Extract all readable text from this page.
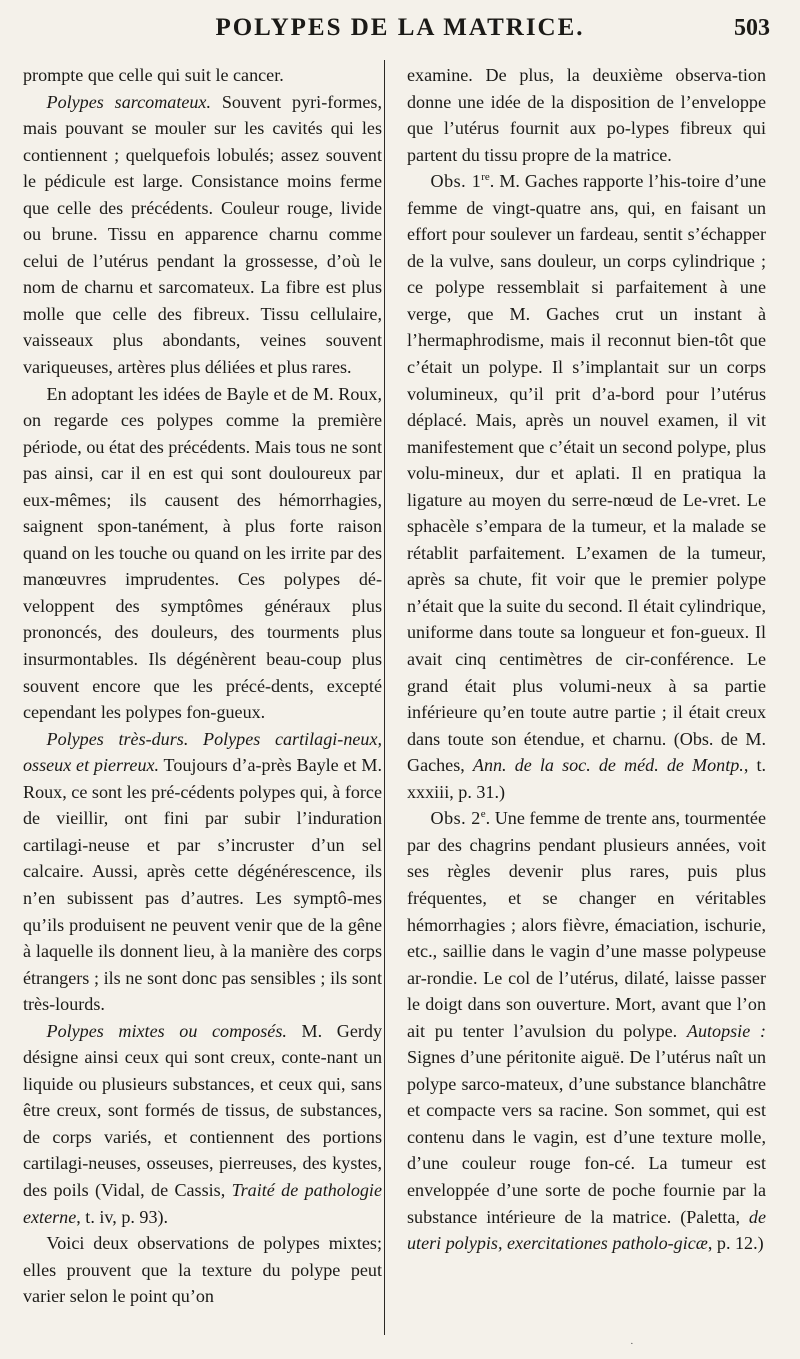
POLYPES DE LA MATRICE.	503

prompte que celle qui suit le cancer.

Polypes sarcomateux. Souvent pyri-formes, mais pouvant se mouler sur les cavités qui les contiennent ; quelquefois lobulés; assez souvent le pédicule est large. Consistance moins ferme que celle des précédents. Couleur rouge, livide ou brune. Tissu en apparence charnu comme celui de l’utérus pendant la grossesse, d’où le nom de charnu et sarcomateux. La fibre est plus molle que celle des fibreux. Tissu cellulaire, vaisseaux plus abondants, veines souvent variqueuses, artères plus déliées et plus rares.

En adoptant les idées de Bayle et de M. Roux, on regarde ces polypes comme la première période, ou état des précédents. Mais tous ne sont pas ainsi, car il en est qui sont douloureux par eux-mêmes; ils causent des hémorrhagies, saignent spon-tanément, à plus forte raison quand on les touche ou quand on les irrite par des manœuvres imprudentes. Ces polypes dé-veloppent des symptômes généraux plus prononcés, des douleurs, des tourments plus insurmontables. Ils dégénèrent beau-coup plus souvent encore que les précé-dents, excepté cependant les polypes fon-gueux.

Polypes très-durs. Polypes cartilagi-neux, osseux et pierreux. Toujours d’a-près Bayle et M. Roux, ce sont les pré-cédents polypes qui, à force de vieillir, ont fini par subir l’induration cartilagi-neuse et par s’incruster d’un sel calcaire. Aussi, après cette dégénérescence, ils n’en subissent pas d’autres. Les symptô-mes qu’ils produisent ne peuvent venir que de la gêne à laquelle ils donnent lieu, à la manière des corps étrangers ; ils ne sont donc pas sensibles ; ils sont très-lourds.

Polypes mixtes ou composés. M. Gerdy désigne ainsi ceux qui sont creux, conte-nant un liquide ou plusieurs substances, et ceux qui, sans être creux, sont formés de tissus, de substances, de corps variés, et contiennent des portions cartilagi-neuses, osseuses, pierreuses, des kystes, des poils (Vidal, de Cassis, Traité de pathologie externe, t. iv, p. 93).

Voici deux observations de polypes mixtes; elles prouvent que la texture du polype peut varier selon le point qu’on

examine. De plus, la deuxième observa-tion donne une idée de la disposition de l’enveloppe que l’utérus fournit aux po-lypes fibreux qui partent du tissu propre de la matrice.

Obs. 1re. M. Gaches rapporte l’his-toire d’une femme de vingt-quatre ans, qui, en faisant un effort pour soulever un fardeau, sentit s’échapper de la vulve, sans douleur, un corps cylindrique ; ce polype ressemblait si parfaitement à une verge, que M. Gaches crut un instant à l’hermaphrodisme, mais il reconnut bien-tôt que c’était un polype. Il s’implantait sur un corps volumineux, qu’il prit d’a-bord pour l’utérus déplacé. Mais, après un nouvel examen, il vit manifestement que c’était un second polype, plus volu-mineux, dur et aplati. Il en pratiqua la ligature au moyen du serre-nœud de Le-vret. Le sphacèle s’empara de la tumeur, et la malade se rétablit parfaitement. L’examen de la tumeur, après sa chute, fit voir que le premier polype n’était que la suite du second. Il était cylindrique, uniforme dans toute sa longueur et fon-gueux. Il avait cinq centimètres de cir-conférence. Le grand était plus volumi-neux à sa partie inférieure qu’en toute autre partie ; il était creux dans toute son étendue, et charnu. (Obs. de M. Gaches, Ann. de la soc. de méd. de Montp., t. xxxiii, p. 31.)

Obs. 2e. Une femme de trente ans, tourmentée par des chagrins pendant plusieurs années, voit ses règles devenir plus rares, puis plus fréquentes, et se changer en véritables hémorrhagies ; alors fièvre, émaciation, ischurie, etc., saillie dans le vagin d’une masse polypeuse ar-rondie. Le col de l’utérus, dilaté, laisse passer le doigt dans son ouverture. Mort, avant que l’on ait pu tenter l’avulsion du polype. Autopsie : Signes d’une péritonite aiguë. De l’utérus naît un polype sarco-mateux, d’une substance blanchâtre et compacte vers sa racine. Son sommet, qui est contenu dans le vagin, est d’une texture molle, d’une couleur rouge fon-cé. La tumeur est enveloppée d’une sorte de poche fournie par la substance intérieure de la matrice. (Paletta, de uteri polypis, exercitationes patholo-gicæ, p. 12.)

·
